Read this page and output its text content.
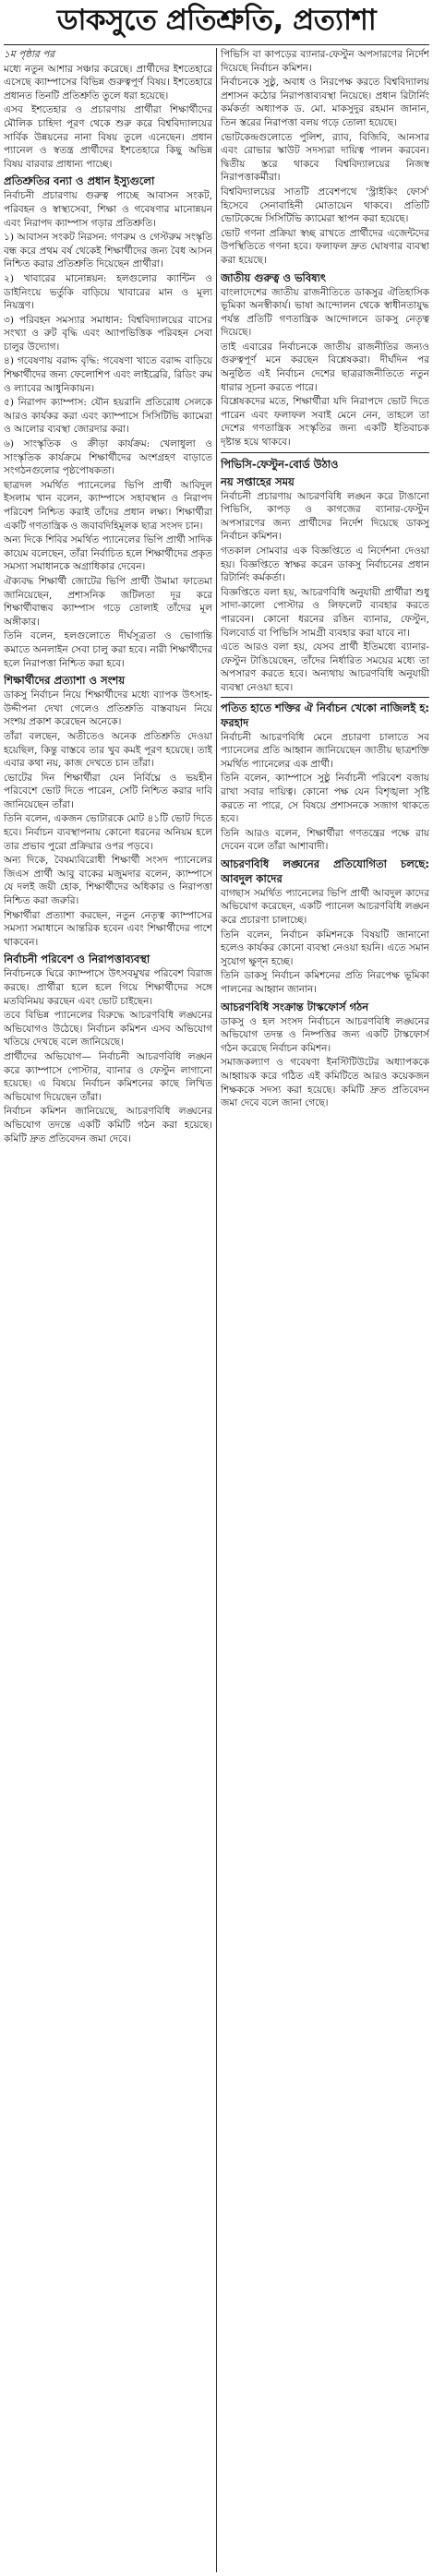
ডাকসুতে প্রতিশ্রুতি, প্রত্যাশা

১ম পৃষ্ঠার পর

মধ্যে নতুন আশার সঞ্চার করেছে। প্রার্থীদের ইশতেহারে এসেছে ক্যাম্পাসের বিভিন্ন গুরুত্বপূর্ণ বিষয়। ইশতেহারে প্রধানত তিনটি প্রতিশ্রুতি তুলে ধরা হয়েছে।

এসব ইশতেহার ও প্রচারণায় প্রার্থীরা শিক্ষার্থীদের মৌলিক চাহিদা পূরণ থেকে শুরু করে বিশ্ববিদ্যালয়ের সার্বিক উন্নয়নের নানা বিষয় তুলে এনেছেন। প্রধান প্যানেল ও স্বতন্ত্র প্রার্থীদের ইশতেহারে কিছু অভিন্ন বিষয় বারবার প্রাধান্য পাচ্ছে।

প্রতিশ্রুতির বন্যা ও প্রধান ইস্যুগুলো

নির্বাচনী প্রচারণায় গুরুত্ব পাচ্ছে আবাসন সংকট, পরিবহন ও স্বাস্থ্যসেবা, শিক্ষা ও গবেষণার মানোন্নয়ন এবং নিরাপদ ক্যাম্পাস গড়ার প্রতিশ্রুতি।

১) আবাসন সংকট নিরসন: গণরুম ও গেস্টরুম সংস্কৃতি বন্ধ করে প্রথম বর্ষ থেকেই শিক্ষার্থীদের জন্য বৈধ আসন নিশ্চিত করার প্রতিশ্রুতি দিয়েছেন প্রার্থীরা।

২) খাবারের মানোন্নয়ন: হলগুলোর ক্যান্টিন ও ডাইনিংয়ে ভর্তুকি বাড়িয়ে খাবারের মান ও মূল্য নিয়ন্ত্রণ।

৩) পরিবহন সমস্যার সমাধান: বিশ্ববিদ্যালয়ের বাসের সংখ্যা ও রুট বৃদ্ধি এবং অ্যাপভিত্তিক পরিবহন সেবা চালুর উদ্যোগ।

৪) গবেষণায় বরাদ্দ বৃদ্ধি: গবেষণা খাতে বরাদ্দ বাড়িয়ে শিক্ষার্থীদের জন্য ফেলোশিপ এবং লাইব্রেরি, রিডিং রুম ও ল্যাবের আধুনিকায়ন।

৫) নিরাপদ ক্যাম্পাস: যৌন হয়রানি প্রতিরোধ সেলকে আরও কার্যকর করা এবং ক্যাম্পাসে সিসিটিভি ক্যামেরা ও আলোর ব্যবস্থা জোরদার করা।

৬) সাংস্কৃতিক ও ক্রীড়া কার্যক্রম: খেলাধুলা ও সাংস্কৃতিক কার্যক্রমে শিক্ষার্থীদের অংশগ্রহণ বাড়াতে সংগঠনগুলোর পৃষ্ঠপোষকতা।

ছাত্রদল সমর্থিত প্যানেলের ভিপি প্রার্থী আবিদুল ইসলাম খান বলেন, ক্যাম্পাসে সহাবস্থান ও নিরাপদ পরিবেশ নিশ্চিত করাই তাঁদের প্রধান লক্ষ্য। শিক্ষার্থীরা একটি গণতান্ত্রিক ও জবাবদিহিমূলক ছাত্র সংসদ চান।

অন্য দিকে শিবির সমর্থিত প্যানেলের ভিপি প্রার্থী সাদিক কায়েম বলেছেন, তাঁরা নির্বাচিত হলে শিক্ষার্থীদের প্রকৃত সমস্যা সমাধানকে অগ্রাধিকার দেবেন।

ঐক্যবদ্ধ শিক্ষার্থী জোটের ভিপি প্রার্থী উমামা ফাতেমা জানিয়েছেন, প্রশাসনিক জটিলতা দূর করে শিক্ষার্থীবান্ধব ক্যাম্পাস গড়ে তোলাই তাঁদের মূল অঙ্গীকার।

তিনি বলেন, হলগুলোতে দীর্ঘসূত্রতা ও ভোগান্তি কমাতে অনলাইন সেবা চালু করা হবে। নারী শিক্ষার্থীদের হলে নিরাপত্তা নিশ্চিত করা হবে।

শিক্ষার্থীদের প্রত্যাশা ও সংশয়

ডাকসু নির্বাচন নিয়ে শিক্ষার্থীদের মধ্যে ব্যাপক উৎসাহ-উদ্দীপনা দেখা গেলেও প্রতিশ্রুতি বাস্তবায়ন নিয়ে সংশয় প্রকাশ করেছেন অনেকে।

তাঁরা বলছেন, অতীতেও অনেক প্রতিশ্রুতি দেওয়া হয়েছিল, কিন্তু বাস্তবে তার খুব কমই পূরণ হয়েছে। তাই এবার কথা নয়, কাজ দেখতে চান তাঁরা।

ভোটের দিন শিক্ষার্থীরা যেন নির্বিঘ্নে ও ভয়হীন পরিবেশে ভোট দিতে পারেন, সেটি নিশ্চিত করার দাবি জানিয়েছেন তাঁরা।

তিনি বলেন, একজন ভোটারকে মোট ৪১টি ভোট দিতে হবে। নির্বাচন ব্যবস্থাপনায় কোনো ধরনের অনিয়ম হলে তার প্রভাব পুরো প্রক্রিয়ার ওপর পড়বে।

অন্য দিকে, বৈষম্যবিরোধী শিক্ষার্থী সংসদ প্যানেলের জিএস প্রার্থী আবু বাকের মজুমদার বলেন, ক্যাম্পাসে যে দলই জয়ী হোক, শিক্ষার্থীদের অধিকার ও নিরাপত্তা নিশ্চিত করা জরুরি।

শিক্ষার্থীরা প্রত্যাশা করছেন, নতুন নেতৃত্ব ক্যাম্পাসের সমস্যা সমাধানে আন্তরিক হবেন এবং শিক্ষার্থীদের পাশে থাকবেন।

নির্বাচনী পরিবেশ ও নিরাপত্তাব্যবস্থা

নির্বাচনকে ঘিরে ক্যাম্পাসে উৎসবমুখর পরিবেশ বিরাজ করছে। প্রার্থীরা হলে হলে গিয়ে শিক্ষার্থীদের সঙ্গে মতবিনিময় করছেন এবং ভোট চাইছেন।

তবে বিভিন্ন প্যানেলের বিরুদ্ধে আচরণবিধি লঙ্ঘনের অভিযোগও উঠেছে। নির্বাচন কমিশন এসব অভিযোগ খতিয়ে দেখছে বলে জানিয়েছে।

প্রার্থীদের অভিযোগ— নির্বাচনী আচরণবিধি লঙ্ঘন করে ক্যাম্পাসে পোস্টার, ব্যানার ও ফেস্টুন লাগানো হয়েছে। এ বিষয়ে নির্বাচন কমিশনের কাছে লিখিত অভিযোগ দিয়েছেন তাঁরা।

নির্বাচন কমিশন জানিয়েছে, আচরণবিধি লঙ্ঘনের অভিযোগ তদন্তে একটি কমিটি গঠন করা হয়েছে। কমিটি দ্রুত প্রতিবেদন জমা দেবে।

পিভিসি বা কাপড়ের ব্যানার-ফেস্টুন অপসারণের নির্দেশ দিয়েছে নির্বাচন কমিশন।

নির্বাচনকে সুষ্ঠু, অবাধ ও নিরপেক্ষ করতে বিশ্ববিদ্যালয় প্রশাসন কঠোর নিরাপত্তাব্যবস্থা নিয়েছে। প্রধান রিটার্নিং কর্মকর্তা অধ্যাপক ড. মো. মাকসুদুর রহমান জানান, তিন স্তরের নিরাপত্তা বলয় গড়ে তোলা হয়েছে।

ভোটকেন্দ্রগুলোতে পুলিশ, র‍্যাব, বিজিবি, আনসার এবং রোভার স্কাউট সদস্যরা দায়িত্ব পালন করবেন। দ্বিতীয় স্তরে থাকবে বিশ্ববিদ্যালয়ের নিজস্ব নিরাপত্তাকর্মীরা।

বিশ্ববিদ্যালয়ের সাতটি প্রবেশপথে 'স্ট্রাইকিং ফোর্স' হিসেবে সেনাবাহিনী মোতায়েন থাকবে। প্রতিটি ভোটকেন্দ্রে সিসিটিভি ক্যামেরা স্থাপন করা হয়েছে।

ভোট গণনা প্রক্রিয়া স্বচ্ছ রাখতে প্রার্থীদের এজেন্টদের উপস্থিতিতে গণনা হবে। ফলাফল দ্রুত ঘোষণার ব্যবস্থা করা হয়েছে।

জাতীয় গুরুত্ব ও ভবিষ্যৎ

বাংলাদেশের জাতীয় রাজনীতিতে ডাকসুর ঐতিহাসিক ভূমিকা অনস্বীকার্য। ভাষা আন্দোলন থেকে স্বাধীনতাযুদ্ধ পর্যন্ত প্রতিটি গণতান্ত্রিক আন্দোলনে ডাকসু নেতৃত্ব দিয়েছে।

তাই এবারের নির্বাচনকে জাতীয় রাজনীতির জন্যও গুরুত্বপূর্ণ মনে করছেন বিশ্লেষকরা। দীর্ঘদিন পর অনুষ্ঠিত এই নির্বাচন দেশের ছাত্ররাজনীতিতে নতুন ধারার সূচনা করতে পারে।

বিশ্লেষকদের মতে, শিক্ষার্থীরা যদি নিরাপদে ভোট দিতে পারেন এবং ফলাফল সবাই মেনে নেন, তাহলে তা দেশের গণতান্ত্রিক সংস্কৃতির জন্য একটি ইতিবাচক দৃষ্টান্ত হয়ে থাকবে।

পিভিসি-ফেস্টুন-বোর্ড উঠাও
নয় সপ্তাহের সময়

নির্বাচনী প্রচারণায় আচরণবিধি লঙ্ঘন করে টাঙানো পিভিসি, কাপড় ও কাগজের ব্যানার-ফেস্টুন অপসারণের জন্য প্রার্থীদের নির্দেশ দিয়েছে ডাকসু নির্বাচন কমিশন।

গতকাল সোমবার এক বিজ্ঞপ্তিতে এ নির্দেশনা দেওয়া হয়। বিজ্ঞপ্তিতে স্বাক্ষর করেন ডাকসু নির্বাচনের প্রধান রিটার্নিং কর্মকর্তা।

বিজ্ঞপ্তিতে বলা হয়, আচরণবিধি অনুযায়ী প্রার্থীরা শুধু সাদা-কালো পোস্টার ও লিফলেট ব্যবহার করতে পারবেন। কোনো ধরনের রঙিন ব্যানার, ফেস্টুন, বিলবোর্ড বা পিভিসি সামগ্রী ব্যবহার করা যাবে না।

এতে আরও বলা হয়, যেসব প্রার্থী ইতিমধ্যে ব্যানার-ফেস্টুন টাঙিয়েছেন, তাঁদের নির্ধারিত সময়ের মধ্যে তা অপসারণ করতে হবে। অন্যথায় আচরণবিধি অনুযায়ী ব্যবস্থা নেওয়া হবে।

পতিত হাতে শক্তির ঐ নির্বাচন খেকো নাজিলই হ: ফরহাদ

নির্বাচনী আচরণবিধি মেনে প্রচারণা চালাতে সব প্যানেলের প্রতি আহ্বান জানিয়েছেন জাতীয় ছাত্রশক্তি সমর্থিত প্যানেলের এক প্রার্থী।

তিনি বলেন, ক্যাম্পাসে সুষ্ঠু নির্বাচনী পরিবেশ বজায় রাখা সবার দায়িত্ব। কোনো পক্ষ যেন বিশৃঙ্খলা সৃষ্টি করতে না পারে, সে বিষয়ে প্রশাসনকে সজাগ থাকতে হবে।

তিনি আরও বলেন, শিক্ষার্থীরা গণতন্ত্রের পক্ষে রায় দেবেন বলে তাঁরা আশাবাদী।

আচরণবিধি লঙ্ঘনের প্রতিযোগিতা চলছে: আবদুল কাদের

বাগছাস সমর্থিত প্যানেলের ভিপি প্রার্থী আবদুল কাদের অভিযোগ করেছেন, একটি প্যানেল আচরণবিধি লঙ্ঘন করে প্রচারণা চালাচ্ছে।

তিনি বলেন, নির্বাচন কমিশনকে বিষয়টি জানানো হলেও কার্যকর কোনো ব্যবস্থা নেওয়া হয়নি। এতে সমান সুযোগ ক্ষুণ্ন হচ্ছে।

তিনি ডাকসু নির্বাচন কমিশনের প্রতি নিরপেক্ষ ভূমিকা পালনের আহ্বান জানান।

আচরণবিধি সংক্রান্ত টাস্কফোর্স গঠন

ডাকসু ও হল সংসদ নির্বাচনে আচরণবিধি লঙ্ঘনের অভিযোগ তদন্ত ও নিষ্পত্তির জন্য একটি টাস্কফোর্স গঠন করেছে নির্বাচন কমিশন।

সমাজকল্যাণ ও গবেষণা ইনস্টিটিউটের অধ্যাপককে আহ্বায়ক করে গঠিত এই কমিটিতে আরও কয়েকজন শিক্ষককে সদস্য করা হয়েছে। কমিটি দ্রুত প্রতিবেদন জমা দেবে বলে জানা গেছে।
